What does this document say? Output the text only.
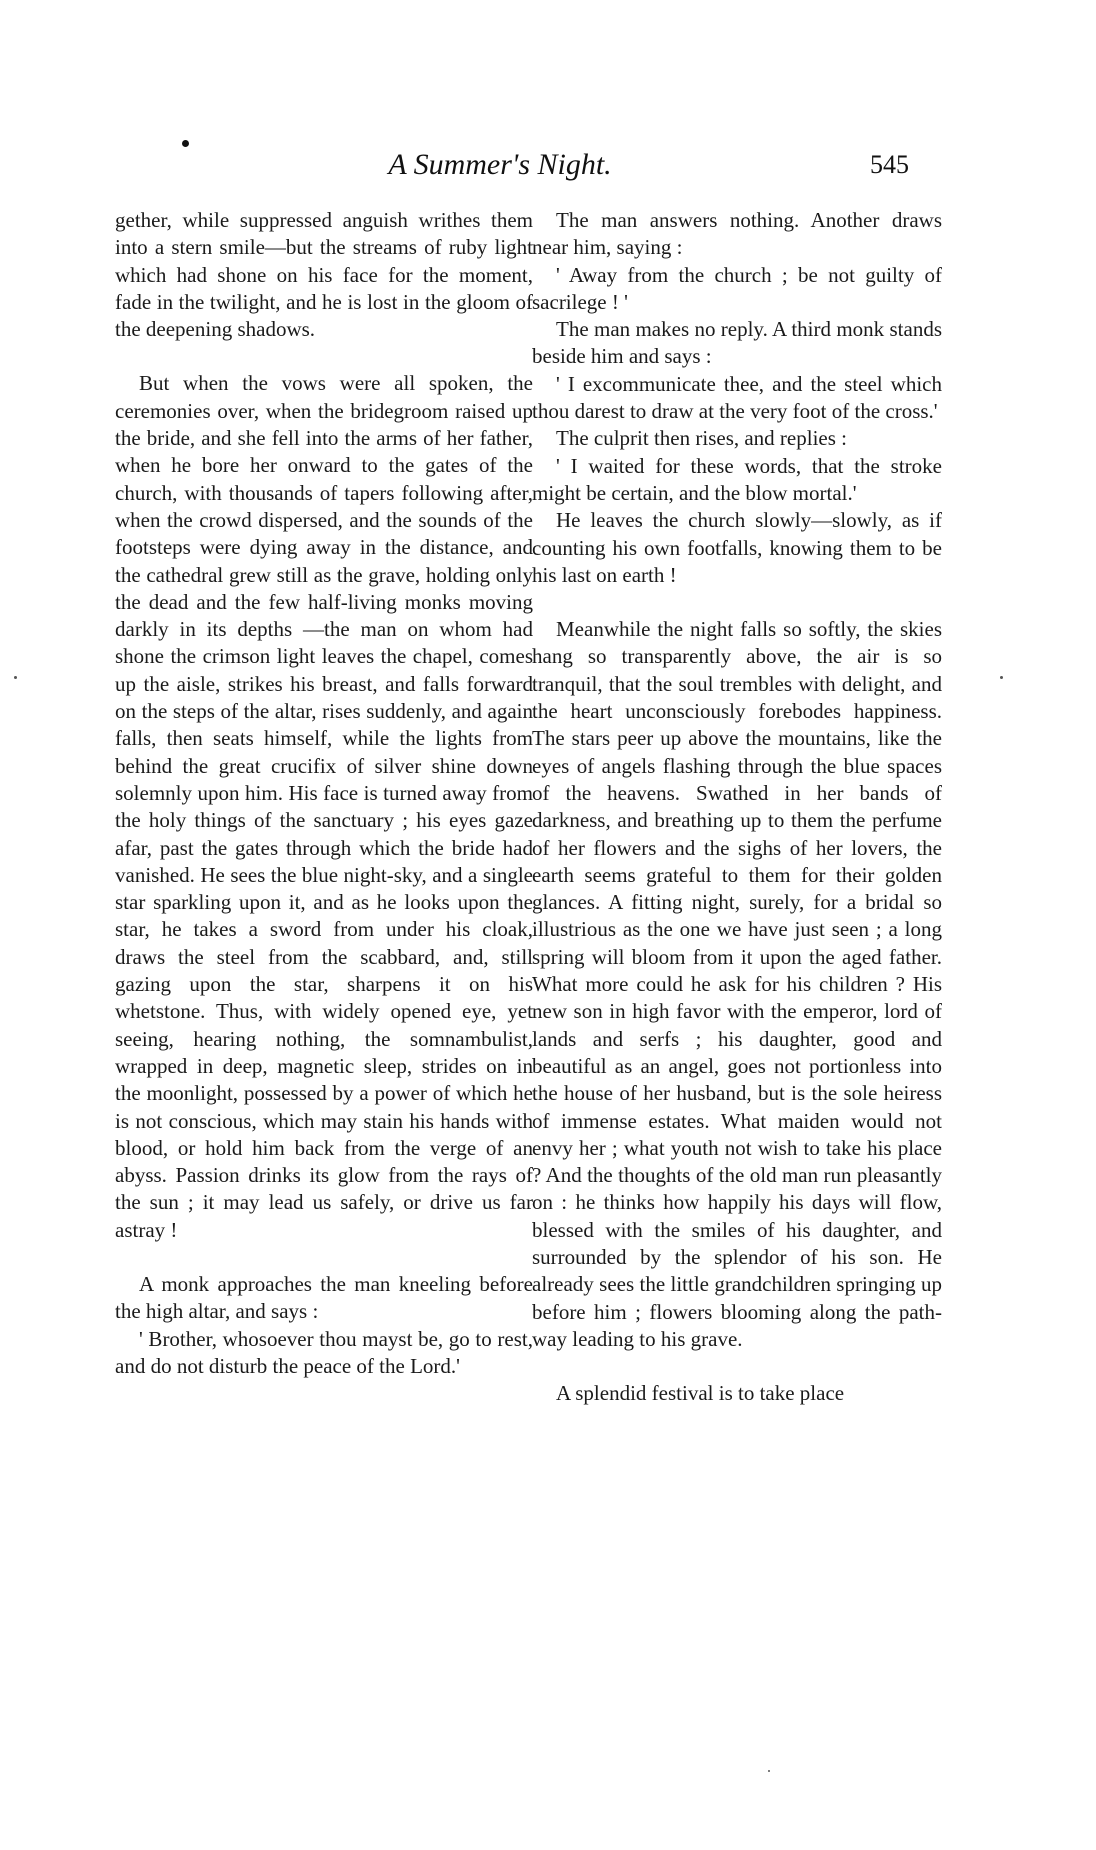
A Summer's Night.	545

gether, while suppressed anguish writhes them into a stern smile—but the streams of ruby light which had shone on his face for the moment, fade in the twilight, and he is lost in the gloom of the deepening shadows.

But when the vows were all spoken, the ceremonies over, when the bridegroom raised up the bride, and she fell into the arms of her father, when he bore her onward to the gates of the church, with thousands of tapers following after, when the crowd dispersed, and the sounds of the footsteps were dying away in the distance, and the cathedral grew still as the grave, holding only the dead and the few half-living monks moving darkly in its depths —the man on whom had shone the crimson light leaves the chapel, comes up the aisle, strikes his breast, and falls forward on the steps of the altar, rises suddenly, and again falls, then seats himself, while the lights from behind the great crucifix of silver shine down solemnly upon him. His face is turned away from the holy things of the sanctuary ; his eyes gaze afar, past the gates through which the bride had vanished. He sees the blue night-sky, and a single star sparkling upon it, and as he looks upon the star, he takes a sword from under his cloak, draws the steel from the scabbard, and, still gazing upon the star, sharpens it on his whetstone. Thus, with widely opened eye, yet seeing, hearing nothing, the somnambulist, wrapped in deep, magnetic sleep, strides on in the moonlight, possessed by a power of which he is not conscious, which may stain his hands with blood, or hold him back from the verge of an abyss. Passion drinks its glow from the rays of the sun ; it may lead us safely, or drive us far astray !

A monk approaches the man kneeling before the high altar, and says :

' Brother, whosoever thou mayst be, go to rest, and do not disturb the peace of the Lord.'

The man answers nothing. Another draws near him, saying :

' Away from the church ; be not guilty of sacrilege ! '

The man makes no reply. A third monk stands beside him and says :

' I excommunicate thee, and the steel which thou darest to draw at the very foot of the cross.'

The culprit then rises, and replies :

' I waited for these words, that the stroke might be certain, and the blow mortal.'

He leaves the church slowly—slowly, as if counting his own footfalls, knowing them to be his last on earth !

Meanwhile the night falls so softly, the skies hang so transparently above, the air is so tranquil, that the soul trembles with delight, and the heart unconsciously forebodes happiness. The stars peer up above the mountains, like the eyes of angels flashing through the blue spaces of the heavens. Swathed in her bands of darkness, and breathing up to them the perfume of her flowers and the sighs of her lovers, the earth seems grateful to them for their golden glances. A fitting night, surely, for a bridal so illustrious as the one we have just seen ; a long spring will bloom from it upon the aged father. What more could he ask for his children ? His new son in high favor with the emperor, lord of lands and serfs ; his daughter, good and beautiful as an angel, goes not portionless into the house of her husband, but is the sole heiress of immense estates. What maiden would not envy her ; what youth not wish to take his place ? And the thoughts of the old man run pleasantly on : he thinks how happily his days will flow, blessed with the smiles of his daughter, and surrounded by the splendor of his son. He already sees the little grandchildren springing up before him ; flowers blooming along the pathway leading to his grave.

A splendid festival is to take place
